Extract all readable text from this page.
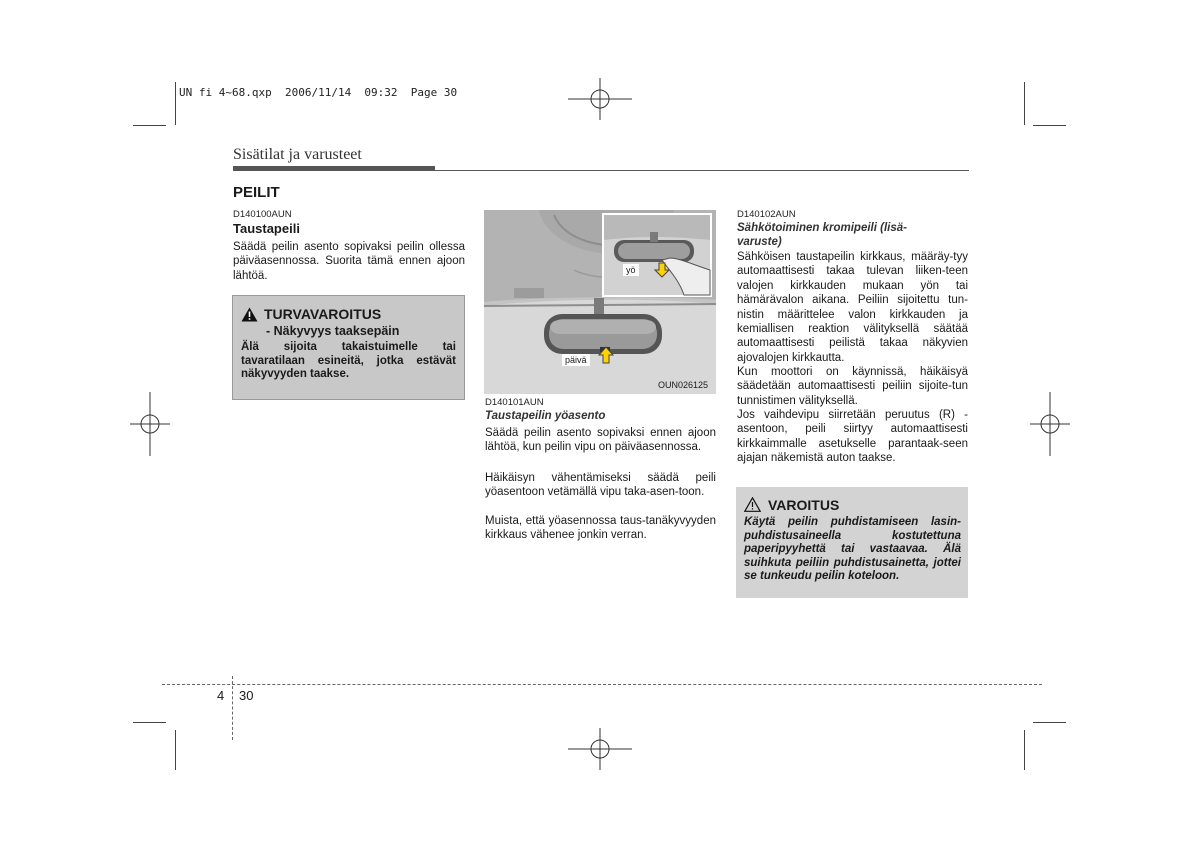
UN fi 4~68.qxp  2006/11/14  09:32  Page 30
Sisätilat ja varusteet
PEILIT
D140100AUN
Taustapeili
Säädä peilin asento sopivaksi peilin ollessa päiväasennossa. Suorita tämä ennen ajoon lähtöä.
TURVAVAROITUS
- Näkyvyys taaksepäin
Älä sijoita takaistuimelle tai tavaratilaan esineitä, jotka estävät näkyvyyden taakse.
yö
päivä
OUN026125
D140101AUN
Taustapeilin yöasento
Säädä peilin asento sopivaksi ennen ajoon lähtöä, kun peilin vipu on päiväasennossa.
Häikäisyn vähentämiseksi säädä peili yöasentoon vetämällä vipu taka-asen-toon.
Muista, että yöasennossa taus-tanäkyvyyden kirkkaus vähenee jonkin verran.
D140102AUN
Sähkötoiminen kromipeili (lisä-varuste)
Sähköisen taustapeilin kirkkaus, määräy-tyy automaattisesti takaa tulevan liiken-teen valojen kirkkauden mukaan yön tai hämärävalon aikana. Peiliin sijoitettu tun-nistin määrittelee valon kirkkauden ja kemiallisen reaktion välityksellä säätää automaattisesti peilistä takaa näkyvien ajovalojen kirkkautta.
Kun moottori on käynnissä, häikäisyä säädetään automaattisesti peiliin sijoite-tun tunnistimen välityksellä.
Jos vaihdevipu siirretään peruutus (R) -asentoon, peili siirtyy automaattisesti kirkkaimmalle asetukselle parantaak-seen ajajan näkemistä auton taakse.
VAROITUS
Käytä peilin puhdistamiseen lasin-puhdistusaineella kostutettuna paperipyyhettä tai vastaavaa. Älä suihkuta peiliin puhdistusainetta, jottei se tunkeudu peilin koteloon.
4 30
